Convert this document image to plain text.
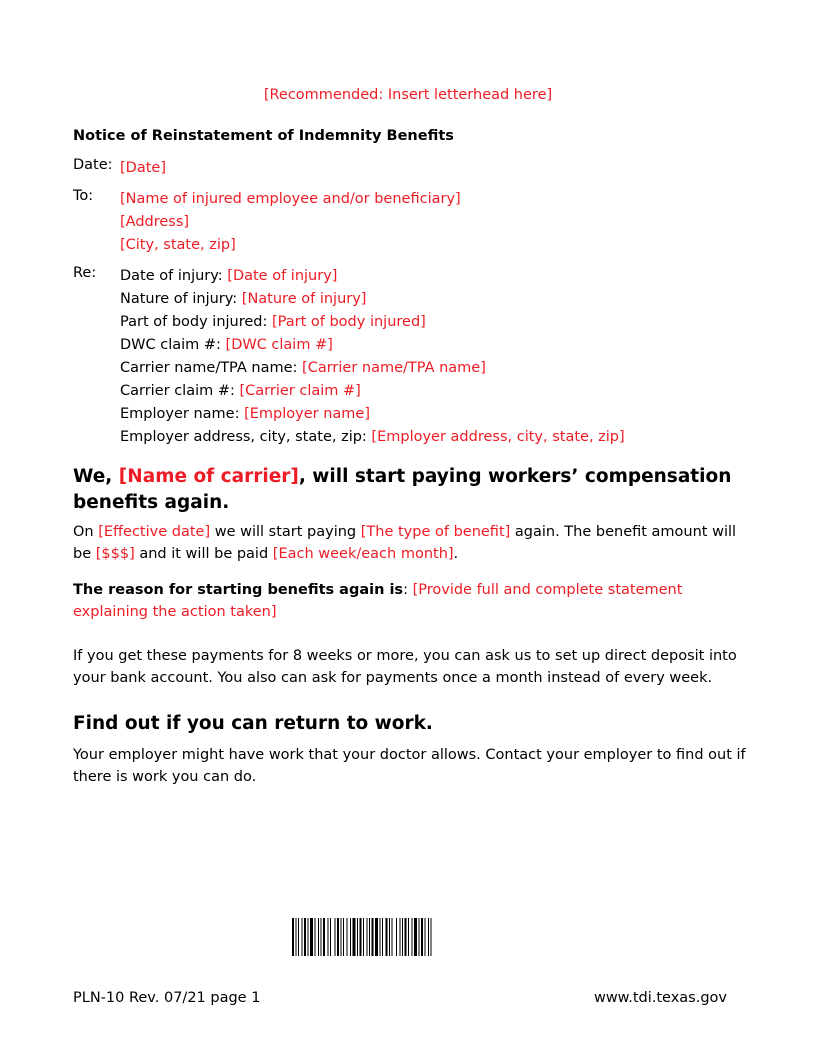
[Recommended: Insert letterhead here]
Notice of Reinstatement of Indemnity Benefits
Date: [Date]
To: [Name of injured employee and/or beneficiary]
[Address]
[City, state, zip]
Re: Date of injury: [Date of injury]
Nature of injury: [Nature of injury]
Part of body injured: [Part of body injured]
DWC claim #: [DWC claim #]
Carrier name/TPA name: [Carrier name/TPA name]
Carrier claim #: [Carrier claim #]
Employer name: [Employer name]
Employer address, city, state, zip: [Employer address, city, state, zip]
We, [Name of carrier], will start paying workers’ compensation benefits again.
On [Effective date] we will start paying [The type of benefit] again. The benefit amount will be [$$$] and it will be paid [Each week/each month].
The reason for starting benefits again is: [Provide full and complete statement explaining the action taken]
If you get these payments for 8 weeks or more, you can ask us to set up direct deposit into your bank account. You also can ask for payments once a month instead of every week.
Find out if you can return to work.
Your employer might have work that your doctor allows. Contact your employer to find out if there is work you can do.
PLN-10 Rev. 07/21 page 1	www.tdi.texas.gov
